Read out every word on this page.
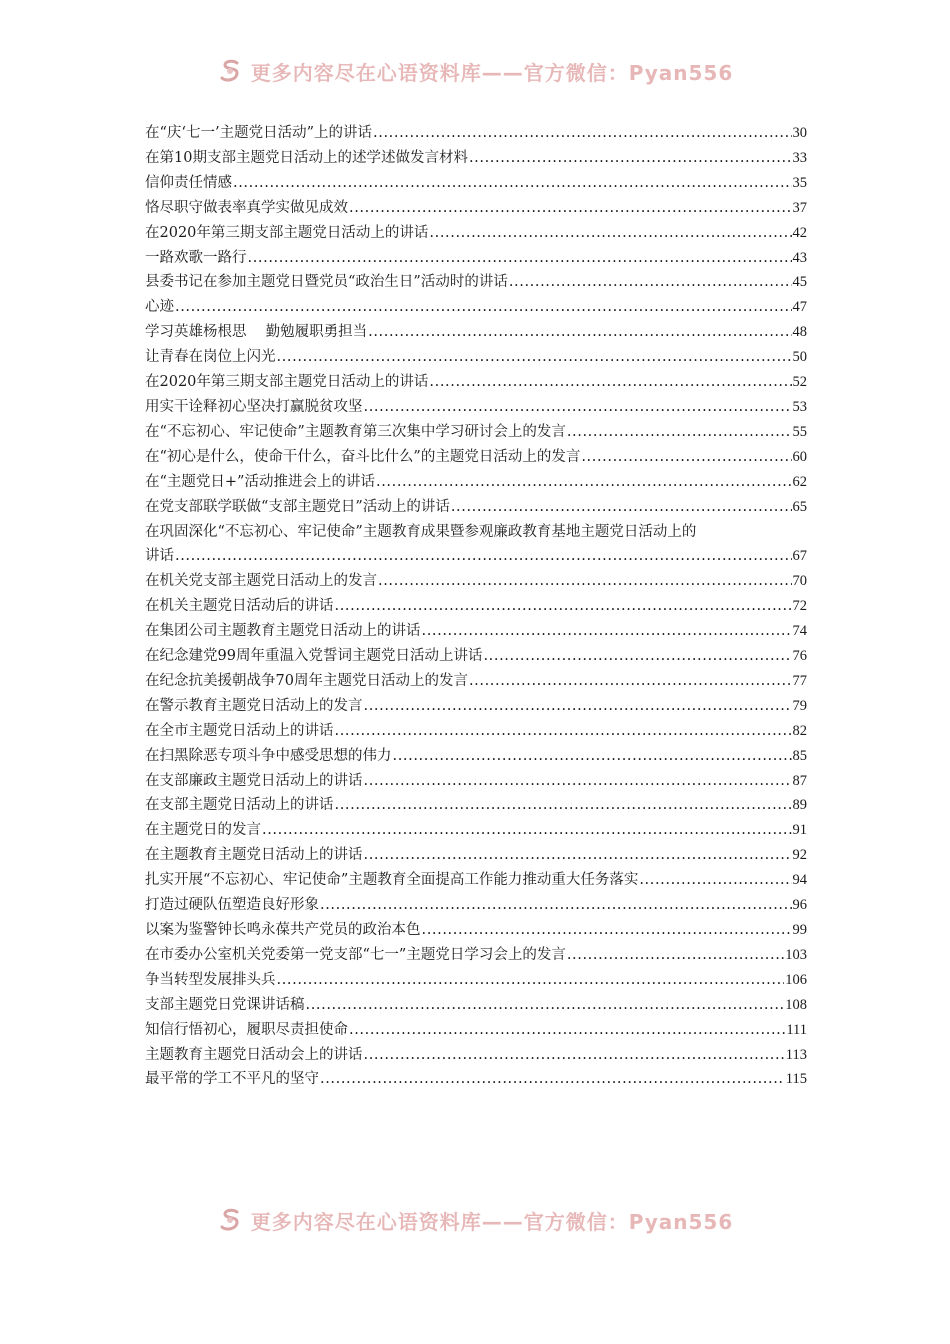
更多内容尽在心语资料库——官方微信：Pyan556
在“庆‘七一’主题党日活动”上的讲话 .....	30
在第10期支部主题党日活动上的述学述做发言材料 .....	33
信仰责任情感 .....	35
恪尽职守做表率真学实做见成效 .....	37
在2020年第三期支部主题党日活动上的讲话 .....	42
一路欢歌一路行 .....	43
县委书记在参加主题党日暨党员“政治生日”活动时的讲话 .....	45
心迹 .....	47
学习英雄杨根思　 勤勉履职勇担当 .....	48
让青春在岗位上闪光 .....	50
在2020年第三期支部主题党日活动上的讲话 .....	52
用实干诠释初心坚决打赢脱贫攻坚 .....	53
在“不忘初心、牢记使命”主题教育第三次集中学习研讨会上的发言 .....	55
在“初心是什么，使命干什么，奋斗比什么”的主题党日活动上的发言 .....	60
在“主题党日+”活动推进会上的讲话 .....	62
在党支部联学联做“支部主题党日”活动上的讲话 .....	65
在巩固深化“不忘初心、牢记使命”主题教育成果暨参观廉政教育基地主题党日活动上的
讲话 .....	67
在机关党支部主题党日活动上的发言 .....	70
在机关主题党日活动后的讲话 .....	72
在集团公司主题教育主题党日活动上的讲话 .....	74
在纪念建党99周年重温入党誓词主题党日活动上讲话 .....	76
在纪念抗美援朝战争70周年主题党日活动上的发言 .....	77
在警示教育主题党日活动上的发言 .....	79
在全市主题党日活动上的讲话 .....	82
在扫黑除恶专项斗争中感受思想的伟力 .....	85
在支部廉政主题党日活动上的讲话 .....	87
在支部主题党日活动上的讲话 .....	89
在主题党日的发言 .....	91
在主题教育主题党日活动上的讲话 .....	92
扎实开展“不忘初心、牢记使命”主题教育全面提高工作能力推动重大任务落实 .....	94
打造过硬队伍塑造良好形象 .....	96
以案为鉴警钟长鸣永葆共产党员的政治本色 .....	99
在市委办公室机关党委第一党支部“七一”主题党日学习会上的发言 .....	103
争当转型发展排头兵 .....	106
支部主题党日党课讲话稿 .....	108
知信行悟初心，履职尽责担使命 .....	111
主题教育主题党日活动会上的讲话 .....	113
最平常的学工不平凡的坚守 .....	115
更多内容尽在心语资料库——官方微信：Pyan556
